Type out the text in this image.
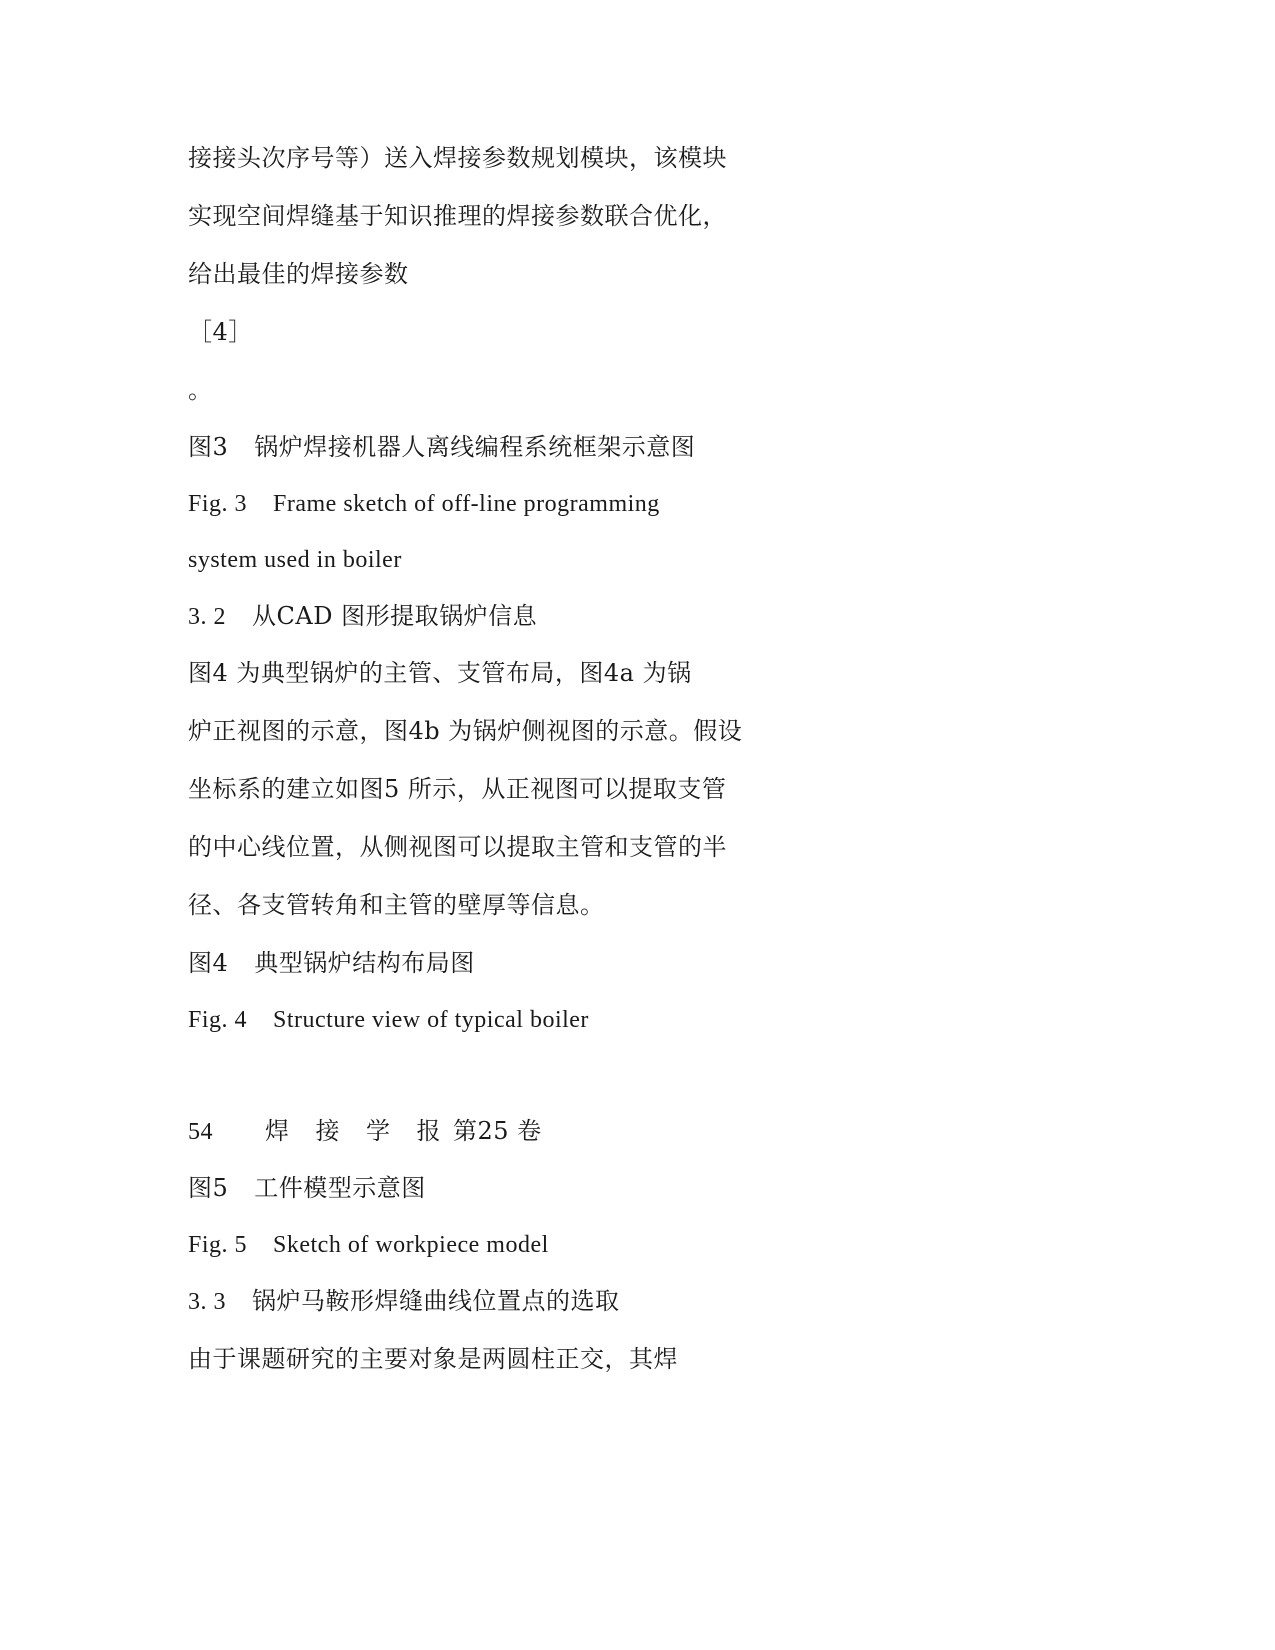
接接头次序号等）送入焊接参数规划模块，该模块
实现空间焊缝基于知识推理的焊接参数联合优化，
给出最佳的焊接参数
［4］
。
图3 锅炉焊接机器人离线编程系统框架示意图
Fig. 3 Frame sketch of off-line programming
system used in boiler
3. 2 从CAD 图形提取锅炉信息
图4 为典型锅炉的主管、支管布局，图4a 为锅
炉正视图的示意，图4b 为锅炉侧视图的示意。假设
坐标系的建立如图5 所示，从正视图可以提取支管
的中心线位置，从侧视图可以提取主管和支管的半
径、各支管转角和主管的壁厚等信息。
图4 典型锅炉结构布局图
Fig. 4 Structure view of typical boiler
54 焊 接 学 报 第25 卷
图5 工件模型示意图
Fig. 5 Sketch of workpiece model
3. 3 锅炉马鞍形焊缝曲线位置点的选取
由于课题研究的主要对象是两圆柱正交，其焊
